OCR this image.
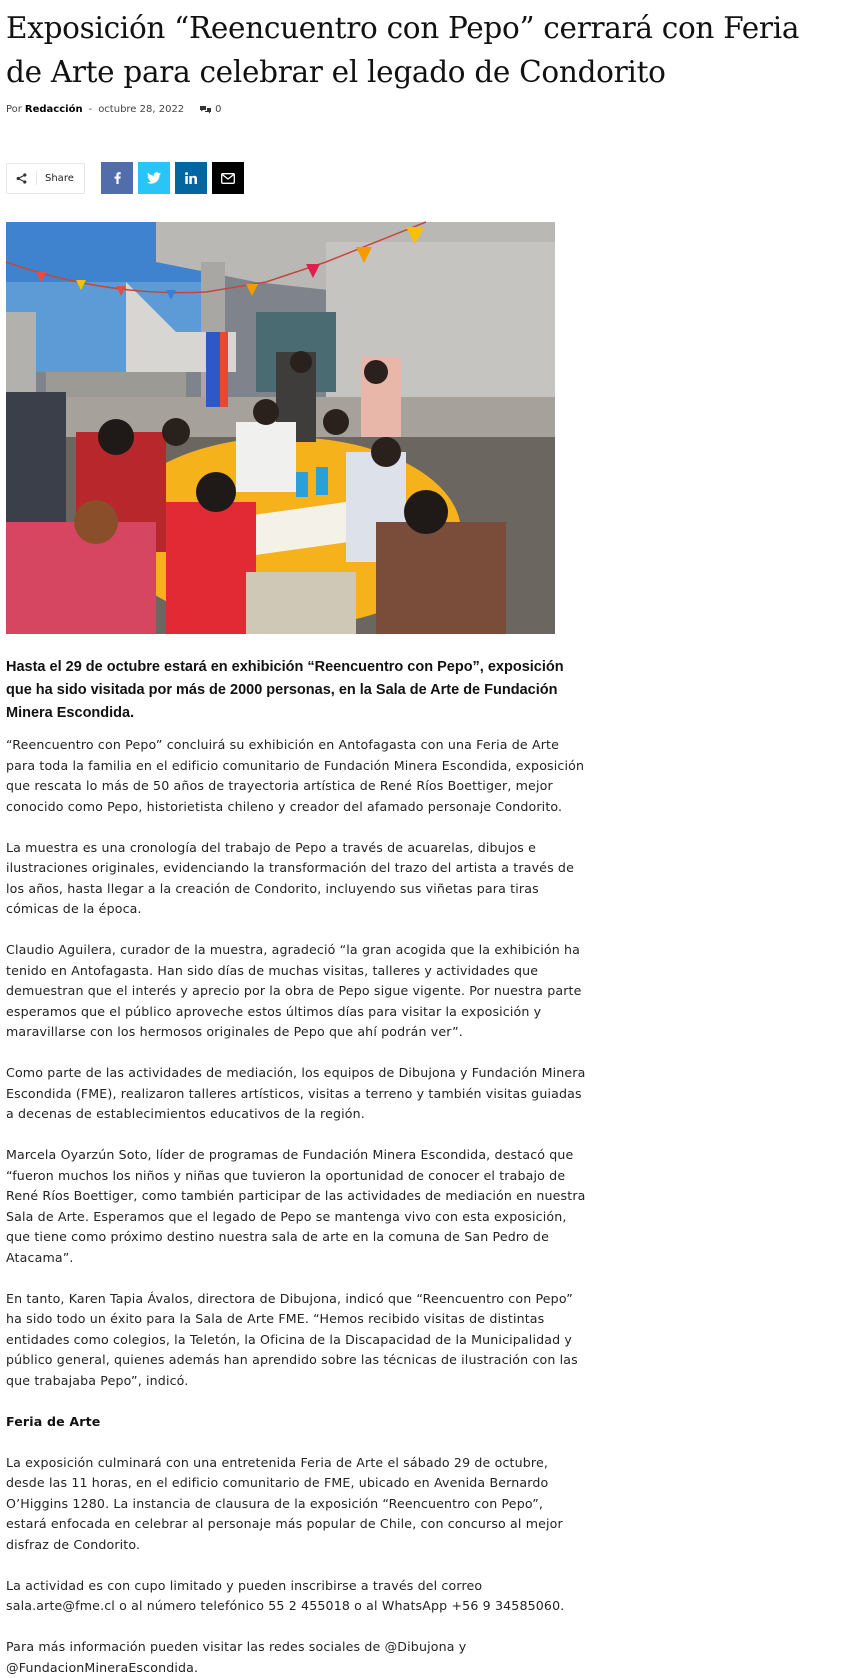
Exposición “Reencuentro con Pepo” cerrará con Feria de Arte para celebrar el legado de Condorito
Por Redacción - octubre 28, 2022	0
Share

Hasta el 29 de octubre estará en exhibición “Reencuentro con Pepo”, exposición que ha sido visitada por más de 2000 personas, en la Sala de Arte de Fundación Minera Escondida.

“Reencuentro con Pepo” concluirá su exhibición en Antofagasta con una Feria de Arte para toda la familia en el edificio comunitario de Fundación Minera Escondida, exposición que rescata lo más de 50 años de trayectoria artística de René Ríos Boettiger, mejor conocido como Pepo, historietista chileno y creador del afamado personaje Condorito.

La muestra es una cronología del trabajo de Pepo a través de acuarelas, dibujos e ilustraciones originales, evidenciando la transformación del trazo del artista a través de los años, hasta llegar a la creación de Condorito, incluyendo sus viñetas para tiras cómicas de la época.

Claudio Aguilera, curador de la muestra, agradeció “la gran acogida que la exhibición ha tenido en Antofagasta. Han sido días de muchas visitas, talleres y actividades que demuestran que el interés y aprecio por la obra de Pepo sigue vigente. Por nuestra parte esperamos que el público aproveche estos últimos días para visitar la exposición y maravillarse con los hermosos originales de Pepo que ahí podrán ver”.

Como parte de las actividades de mediación, los equipos de Dibujona y Fundación Minera Escondida (FME), realizaron talleres artísticos, visitas a terreno y también visitas guiadas a decenas de establecimientos educativos de la región.

Marcela Oyarzún Soto, líder de programas de Fundación Minera Escondida, destacó que “fueron muchos los niños y niñas que tuvieron la oportunidad de conocer el trabajo de René Ríos Boettiger, como también participar de las actividades de mediación en nuestra Sala de Arte. Esperamos que el legado de Pepo se mantenga vivo con esta exposición, que tiene como próximo destino nuestra sala de arte en la comuna de San Pedro de Atacama”.

En tanto, Karen Tapia Ávalos, directora de Dibujona, indicó que “Reencuentro con Pepo” ha sido todo un éxito para la Sala de Arte FME. “Hemos recibido visitas de distintas entidades como colegios, la Teletón, la Oficina de la Discapacidad de la Municipalidad y público general, quienes además han aprendido sobre las técnicas de ilustración con las que trabajaba Pepo”, indicó.

Feria de Arte

La exposición culminará con una entretenida Feria de Arte el sábado 29 de octubre, desde las 11 horas, en el edificio comunitario de FME, ubicado en Avenida Bernardo O’Higgins 1280. La instancia de clausura de la exposición “Reencuentro con Pepo”, estará enfocada en celebrar al personaje más popular de Chile, con concurso al mejor disfraz de Condorito.

La actividad es con cupo limitado y pueden inscribirse a través del correo sala.arte@fme.cl o al número telefónico 55 2 455018 o al WhatsApp +56 9 34585060.

Para más información pueden visitar las redes sociales de @Dibujona y @FundacionMineraEscondida.
